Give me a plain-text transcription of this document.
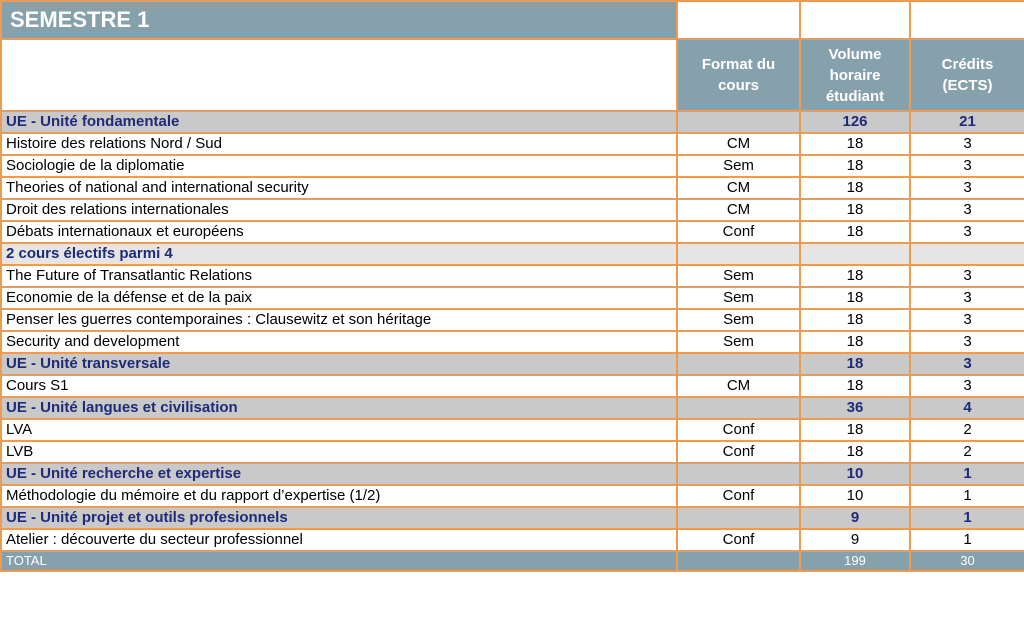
SEMESTRE 1			
	Format du cours	Volume horaire étudiant	Crédits (ECTS)
UE - Unité fondamentale		126	21
Histoire des relations Nord / Sud	CM	18	3
Sociologie de la diplomatie	Sem	18	3
Theories of national and international security	CM	18	3
Droit des relations internationales	CM	18	3
Débats internationaux et européens	Conf	18	3
2 cours électifs parmi 4			
The Future of Transatlantic Relations	Sem	18	3
Economie de la défense et de la paix	Sem	18	3
Penser les guerres contemporaines : Clausewitz et son héritage	Sem	18	3
Security and development	Sem	18	3
UE - Unité transversale		18	3
Cours S1	CM	18	3
UE - Unité langues et civilisation		36	4
LVA	Conf	18	2
LVB	Conf	18	2
UE - Unité recherche et expertise		10	1
Méthodologie du mémoire et du rapport d’expertise (1/2)	Conf	10	1
UE - Unité projet et outils profesionnels		9	1
Atelier : découverte du secteur professionnel	Conf	9	1
TOTAL		199	30
